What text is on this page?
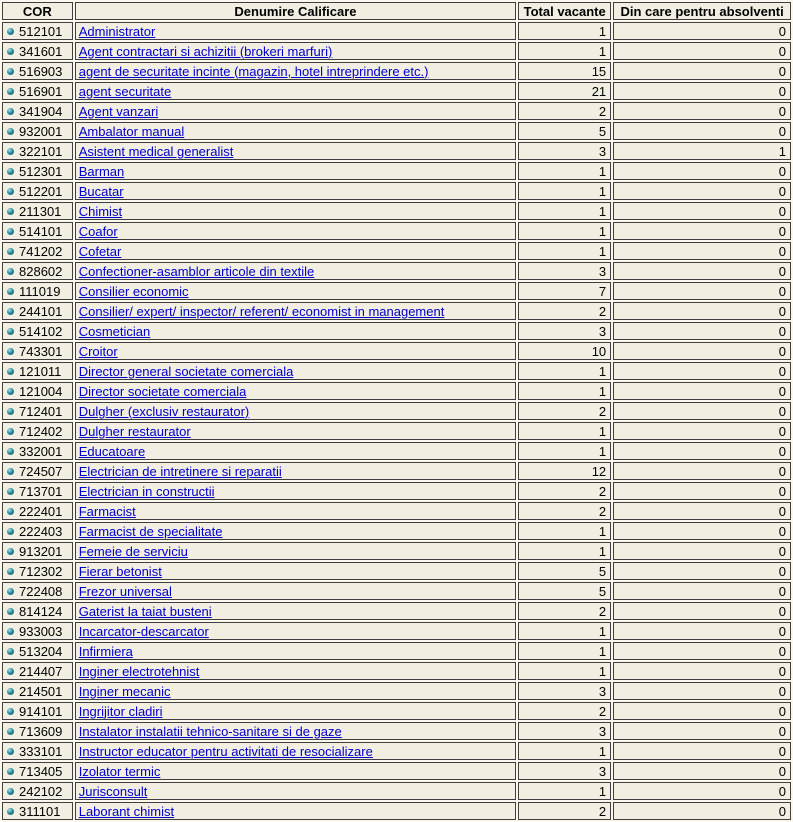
COR	Denumire Calificare	Total vacante	Din care pentru absolventi
512101	Administrator	1	0
341601	Agent contractari si achizitii (brokeri marfuri)	1	0
516903	agent de securitate incinte (magazin, hotel intreprindere etc.)	15	0
516901	agent securitate	21	0
341904	Agent vanzari	2	0
932001	Ambalator manual	5	0
322101	Asistent medical generalist	3	1
512301	Barman	1	0
512201	Bucatar	1	0
211301	Chimist	1	0
514101	Coafor	1	0
741202	Cofetar	1	0
828602	Confectioner-asamblor articole din textile	3	0
111019	Consilier economic	7	0
244101	Consilier/ expert/ inspector/ referent/ economist in management	2	0
514102	Cosmetician	3	0
743301	Croitor	10	0
121011	Director general societate comerciala	1	0
121004	Director societate comerciala	1	0
712401	Dulgher (exclusiv restaurator)	2	0
712402	Dulgher restaurator	1	0
332001	Educatoare	1	0
724507	Electrician de intretinere si reparatii	12	0
713701	Electrician in constructii	2	0
222401	Farmacist	2	0
222403	Farmacist de specialitate	1	0
913201	Femeie de serviciu	1	0
712302	Fierar betonist	5	0
722408	Frezor universal	5	0
814124	Gaterist la taiat busteni	2	0
933003	Incarcator-descarcator	1	0
513204	Infirmiera	1	0
214407	Inginer electrotehnist	1	0
214501	Inginer mecanic	3	0
914101	Ingrijitor cladiri	2	0
713609	Instalator instalatii tehnico-sanitare si de gaze	3	0
333101	Instructor educator pentru activitati de resocializare	1	0
713405	Izolator termic	3	0
242102	Jurisconsult	1	0
311101	Laborant chimist	2	0
